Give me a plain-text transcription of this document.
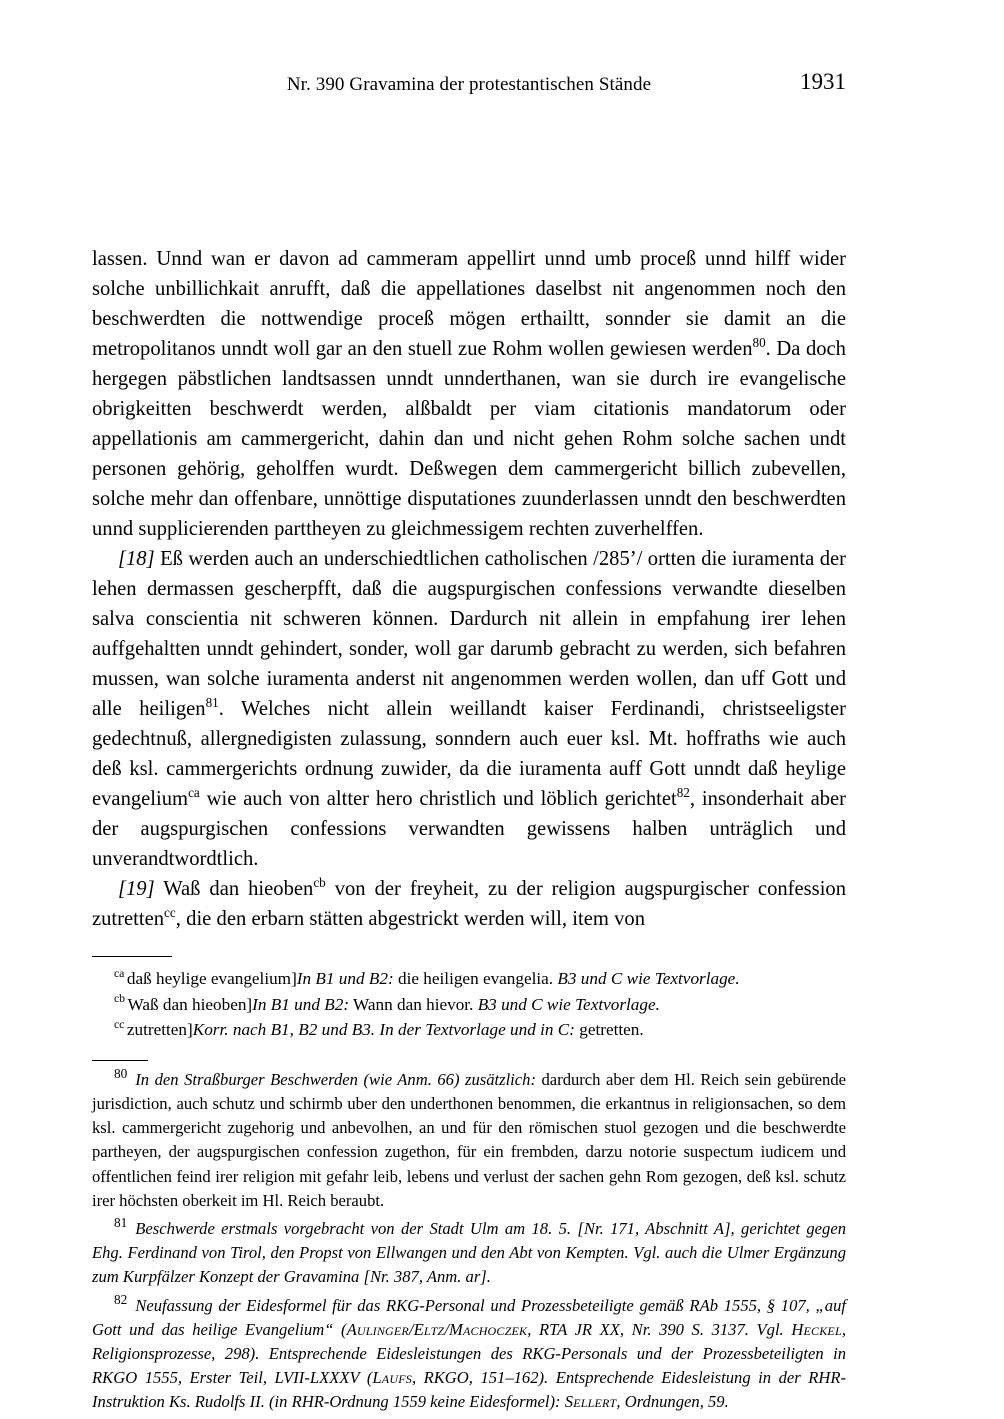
Nr. 390 Gravamina der protestantischen Stände	1931

lassen. Unnd wan er davon ad cammeram appellirt unnd umb proceß unnd hilff wider solche unbillichkait anrufft, daß die appellationes daselbst nit angenommen noch den beschwerdten die nottwendige proceß mögen erthailtt, sonnder sie damit an die metropolitanos unndt woll gar an den stuell zue Rohm wollen gewiesen werden$^{80}$. Da doch hergegen päbstlichen landtsassen unndt unnderthanen, wan sie durch ire evangelische obrigkeitten beschwerdt werden, alßbaldt per viam citationis mandatorum oder appellationis am cammergericht, dahin dan und nicht gehen Rohm solche sachen undt personen gehörig, geholffen wurdt. Deßwegen dem cammergericht billich zubevellen, solche mehr dan offenbare, unnöttige disputationes zuunderlassen unndt den beschwerdten unnd supplicierenden parttheyen zu gleichmessigem rechten zuverhelffen.

[18] Eß werden auch an underschiedtlichen catholischen /285’/ ortten die iuramenta der lehen dermassen gescherpfft, daß die augspurgischen confessions verwandte dieselben salva conscientia nit schweren können. Dardurch nit allein in empfahung irer lehen auffgehaltten unndt gehindert, sonder, woll gar darumb gebracht zu werden, sich befahren mussen, wan solche iuramenta anderst nit angenommen werden wollen, dan uff Gott und alle heiligen$^{81}$. Welches nicht allein weillandt kaiser Ferdinandi, christseeligster gedechtnuß, allergnedigisten zulassung, sonndern auch euer ksl. Mt. hoffraths wie auch deß ksl. cammergerichts ordnung zuwider, da die iuramenta auff Gott unndt daß heylige evangelium$^{ca}$ wie auch von altter hero christlich und löblich gerichtet$^{82}$, insonderhait aber der augspurgischen confessions verwandten gewissens halben unträglich und unverandtwordtlich.

[19] Waß dan hieoben$^{cb}$ von der freyheit, zu der religion augspurgischer confession zutretten$^{cc}$, die den erbarn stätten abgestrickt werden will, item von

$^{ca}$ daß heylige evangelium]In B1 und B2: die heiligen evangelia. B3 und C wie Textvorlage.

$^{cb}$ Waß dan hieoben]In B1 und B2: Wann dan hievor. B3 und C wie Textvorlage.

$^{cc}$ zutretten]Korr. nach B1, B2 und B3. In der Textvorlage und in C: getretten.

$^{80}$ In den Straßburger Beschwerden (wie Anm. 66) zusätzlich: dardurch aber dem Hl. Reich sein gebürende jurisdiction, auch schutz und schirmb uber den underthonen benommen, die erkantnus in religionsachen, so dem ksl. cammergericht zugehorig und anbevolhen, an und für den römischen stuol gezogen und die beschwerdte partheyen, der augspurgischen confession zugethon, für ein frembden, darzu notorie suspectum iudicem und offentlichen feind irer religion mit gefahr leib, lebens und verlust der sachen gehn Rom gezogen, deß ksl. schutz irer höchsten oberkeit im Hl. Reich beraubt.

$^{81}$ Beschwerde erstmals vorgebracht von der Stadt Ulm am 18. 5. [Nr. 171, Abschnitt A], gerichtet gegen Ehg. Ferdinand von Tirol, den Propst von Ellwangen und den Abt von Kempten. Vgl. auch die Ulmer Ergänzung zum Kurpfälzer Konzept der Gravamina [Nr. 387, Anm. ar].

$^{82}$ Neufassung der Eidesformel für das RKG-Personal und Prozessbeteiligte gemäß RAb 1555, § 107, „auf Gott und das heilige Evangelium“ (Aulinger/Eltz/Machoczek, RTA JR XX, Nr. 390 S. 3137. Vgl. Heckel, Religionsprozesse, 298). Entsprechende Eidesleistungen des RKG-Personals und der Prozessbeteiligten in RKGO 1555, Erster Teil, LVII-LXXXV (Laufs, RKGO, 151–162). Entsprechende Eidesleistung in der RHR-Instruktion Ks. Rudolfs II. (in RHR-Ordnung 1559 keine Eidesformel): Sellert, Ordnungen, 59.
